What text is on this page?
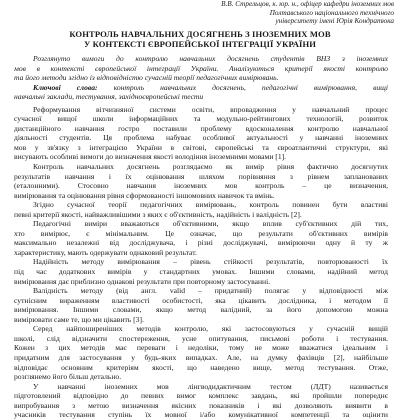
В.В. Стрельцов, к. юр. н., офіцер кафедри іноземних мов
Полтавського національного технічного
університету імені Юрія Кондратюка
КОНТРОЛЬ НАВЧАЛЬНИХ ДОСЯГНЕНЬ З ІНОЗЕМНИХ МОВ
У КОНТЕКСТІ ЄВРОПЕЙСЬКОЇ ІНТЕГРАЦІЇ УКРАЇНИ
Розглянуто вимоги до контролю навчальних досягнень студентів ВНЗ з іноземних
мов в контексті європейської інтеграції України. Аналізуються критерії якості контролю
та його методи згідно із відповідністю сучасній теорії педагогічних вимірювань.
Ключові слова: контроль навчальних досягнень, педагогічні вимірювання, вищі
навчальні заклади, тестування, західноєвропейські тести
Реформування вітчизняної системи освіти, впровадження у навчальний процес
сучасної вищої школи інформаційних та модульно-рейтингових технологій, розвиток
дистанційного навчання гостро поставили проблему вдосконалення контролю навчальної
діяльності студентів. Ця проблема набуває особливої актуальності у навчанні іноземних
мов у зв'язку з інтеграцією України в світові, європейські та євроатлантичні структури, які
висувають особливі вимоги до визначення якості володіння іноземними мовами [1].
Контроль навчальних досягнень розглядаємо як вимір рівня фактично досягнутих
результатів навчання і їх оцінювання шляхом порівняння з рівнем запланованих
(еталонними). Стосовно навчання іноземних мов контроль – це визначення,
вимірювання та оцінювання рівня сформованості іншомовних навичок та вмінь.
Згідно сучасної теорії педагогічних вимірювань, контроль повинен бути властиві
певні критерії якості, найважливішими з яких є об'єктивність, надійність і валідність [2].
Педагогічні виміри вважаються об'єктивними, якщо вплив суб'єктивних дій тих,
хто вимірює, є мінімальним. Це означає, що результати об'єктивних вимірів
максимально незалежні від досліджувача, і різні досліджувачі, вимірюючи одну й ту ж
характеристику, мають одержувати однаковий результат.
Надійність методу вимірювання – рівень стійкості результатів, повторюваності їх
під час додаткових вимірів у стандартних умовах. Іншими словами, надійний метод
вимірювання дає приблизно однакові результати при повторному застосуванні.
Валідність методу (від англ. valid – придатний) полягає у відповідності між
сутнісним вираженням властивості особистості, яка цікавить дослідника, і методом її
вимірювання. Іншими словами, якщо метод валідний, за його допомогою можна
вимірювати саме те, що ми цікавить [3].
Серед найпоширеніших методів контролю, які застосовуються у сучасній вищій
школі, слід відзначити спостереження, усне опитування, письмові роботи і тестування.
Кожен з цих методів має переваги і недоліки, тому не може вважатися ідеальним і
придатним для застосування у будь-яких випадках. Але, на думку фахівців [2], найбільше
відповідає основним критеріям якості, що наведено вище, метод тестування. Отже,
розглянемо його більш детально.
У навчанні іноземних мов лінгводидактичним тестом (ЛДТ) називається
підготовлений відповідно до певних вимог комплекс завдань, які пройшли попереднє
випробування з метою визначення якісних показників і які дозволяють виявити в
учасників тестування ступінь їх мовної і/або комунікативної компетенції та оцінити
